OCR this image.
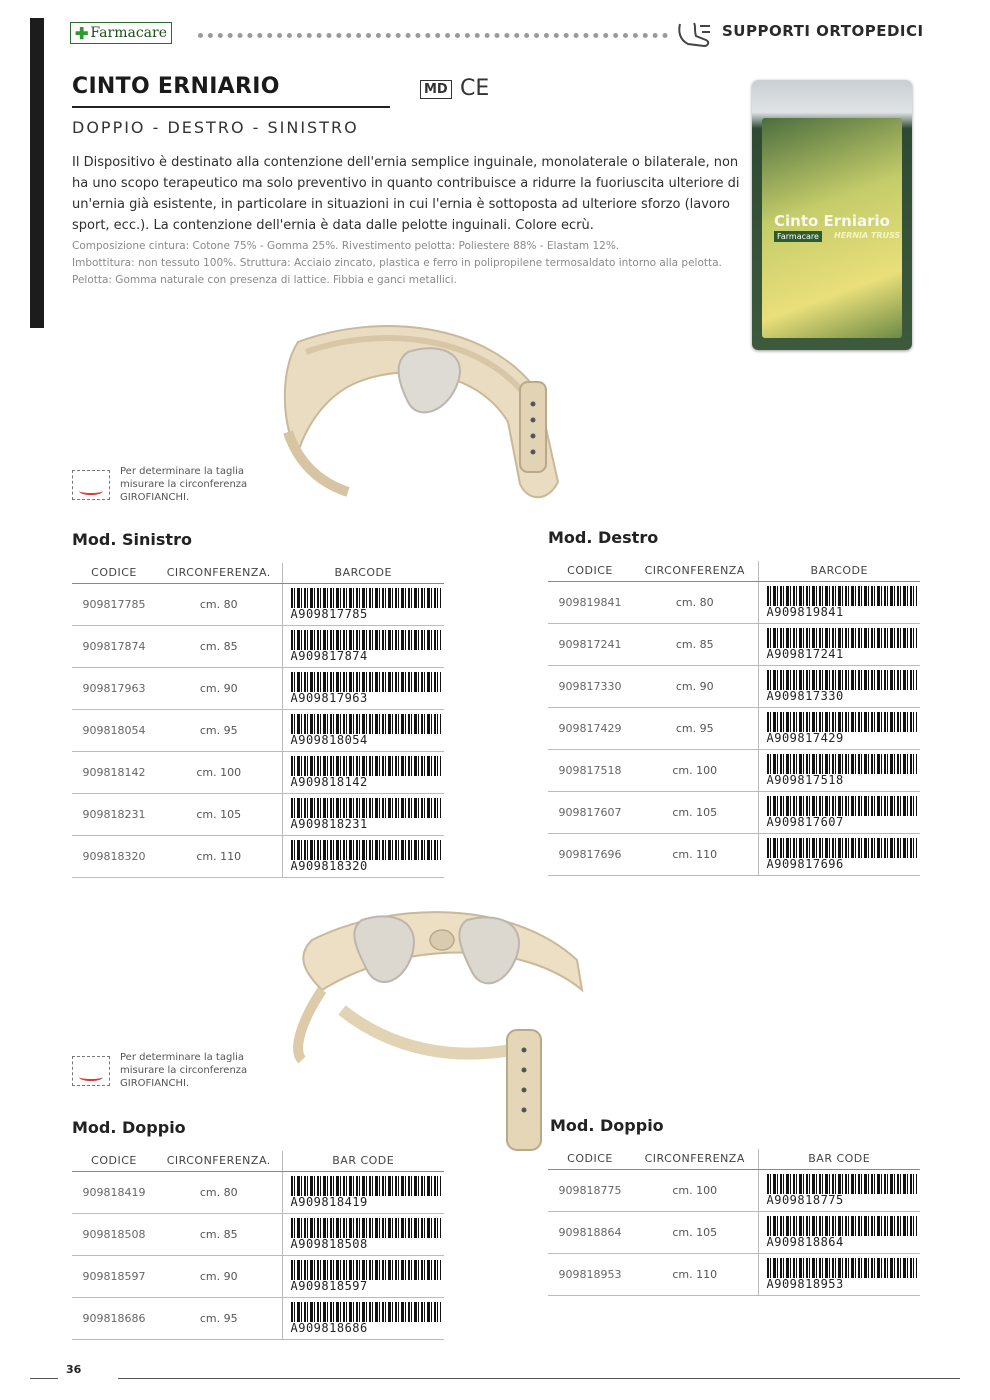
✚ Farmacare	SUPPORTI ORTOPEDICI
CINTO ERNIARIO
DOPPIO - DESTRO - SINISTRO
MD CE

Il Dispositivo è destinato alla contenzione dell'ernia semplice inguinale, monolaterale o bilaterale, non ha uno scopo terapeutico ma solo preventivo in quanto contribuisce a ridurre la fuoriuscita ulteriore di un'ernia già esistente, in particolare in situazioni in cui l'ernia è sottoposta ad ulteriore sforzo (lavoro sport, ecc.). La contenzione dell'ernia è data dalle pelotte inguinali. Colore ecrù.

Composizione cintura: Cotone 75% - Gomma 25%. Rivestimento pelotta: Poliestere 88% - Elastam 12%.
Imbottitura: non tessuto 100%. Struttura: Acciaio zincato, plastica e ferro in polipropilene termosaldato intorno alla pelotta.
Pelotta: Gomma naturale con presenza di lattice. Fibbia e ganci metallici.
Cinto Erniario
Farmacare	HERNIA TRUSS
Per determinare la taglia
misurare la circonferenza
GIROFIANCHI.
Mod. Sinistro
CODICE	CIRCONFERENZA.	BARCODE
909817785	cm. 80	A909817785

909817874	cm. 85	A909817874

909817963	cm. 90	A909817963

909818054	cm. 95	A909818054

909818142	cm. 100	A909818142

909818231	cm. 105	A909818231

909818320	cm. 110	A909818320
Mod. Destro
CODICE	CIRCONFERENZA	BARCODE
909819841	cm. 80	A909819841

909817241	cm. 85	A909817241

909817330	cm. 90	A909817330

909817429	cm. 95	A909817429

909817518	cm. 100	A909817518

909817607	cm. 105	A909817607

909817696	cm. 110	A909817696
Per determinare la taglia
misurare la circonferenza
GIROFIANCHI.
Mod. Doppio
CODICE	CIRCONFERENZA.	BAR CODE
909818419	cm. 80	A909818419

909818508	cm. 85	A909818508

909818597	cm. 90	A909818597

909818686	cm. 95	A909818686
Mod. Doppio
CODICE	CIRCONFERENZA	BAR CODE
909818775	cm. 100	A909818775

909818864	cm. 105	A909818864

909818953	cm. 110	A909818953
36
